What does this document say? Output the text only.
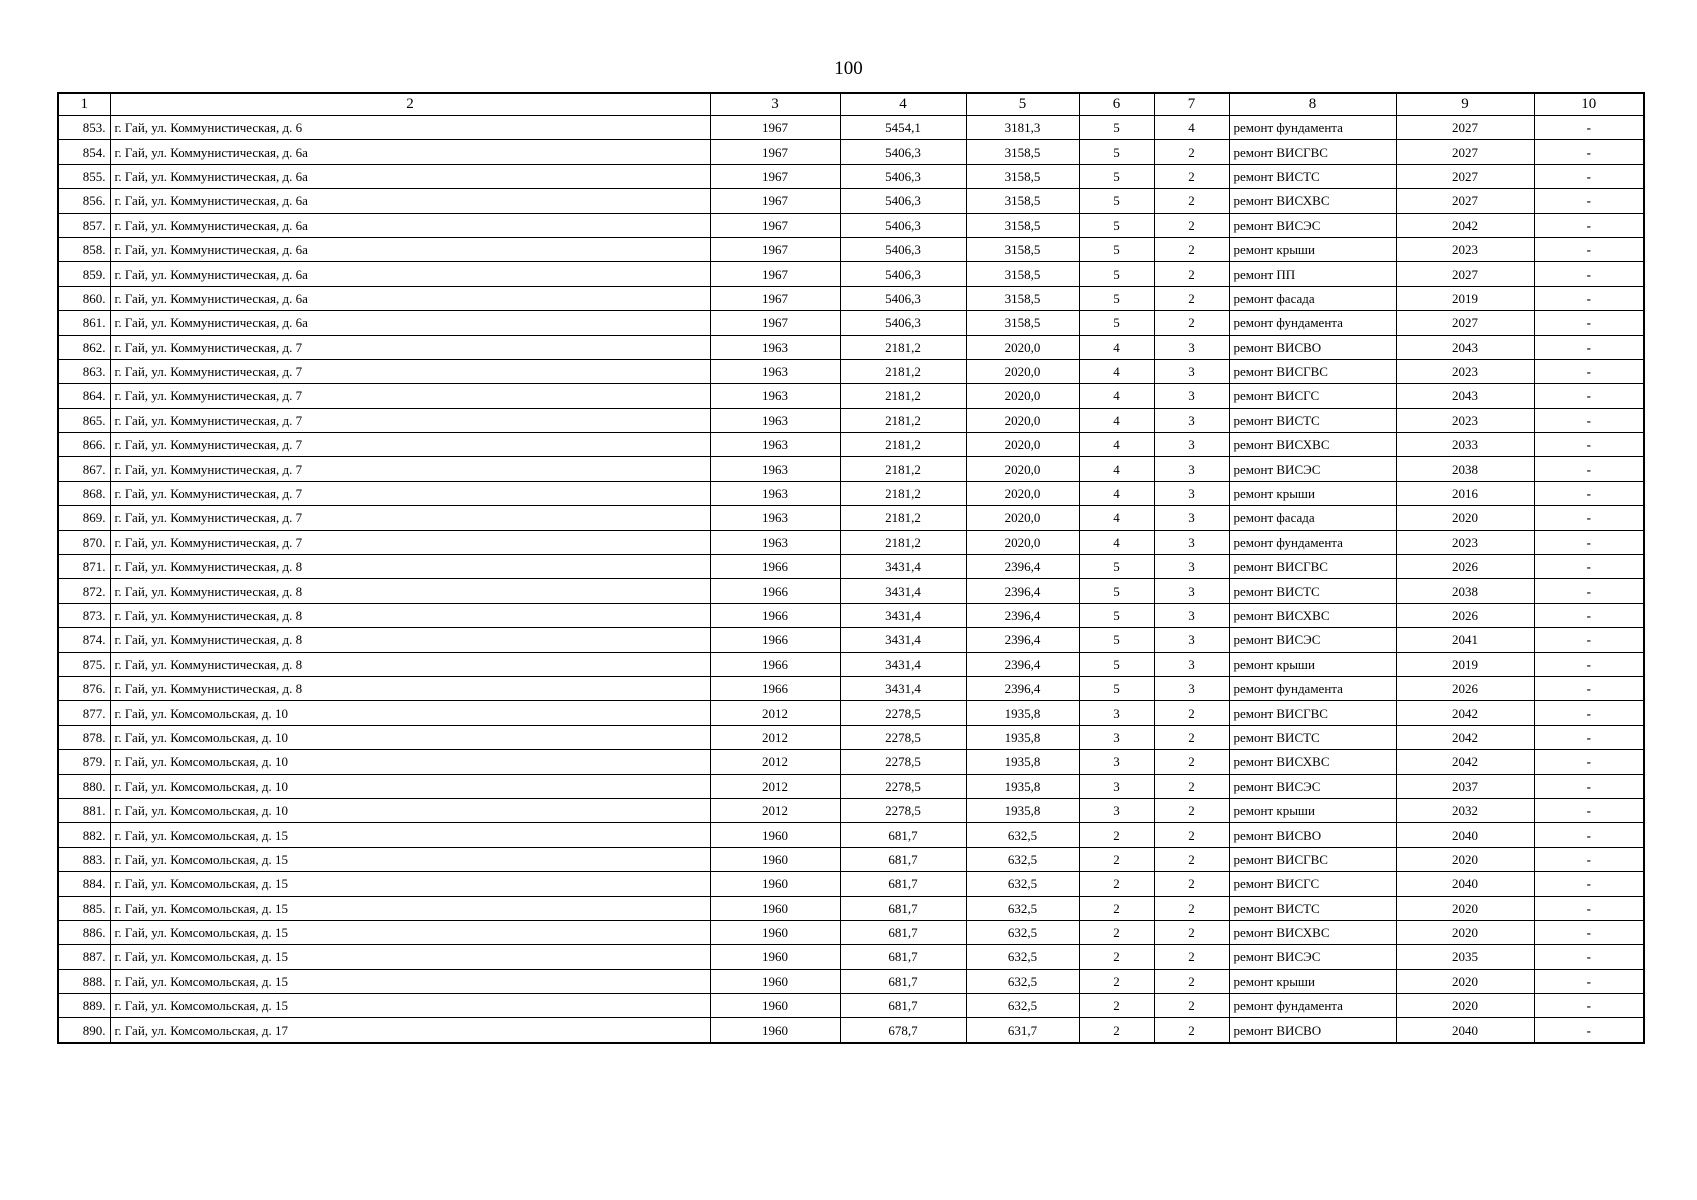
100
1	2	3	4	5	6	7	8	9	10
853.	г. Гай, ул. Коммунистическая, д. 6	1967	5454,1	3181,3	5	4	ремонт фундамента	2027	-
854.	г. Гай, ул. Коммунистическая, д. 6а	1967	5406,3	3158,5	5	2	ремонт ВИСГВС	2027	-
855.	г. Гай, ул. Коммунистическая, д. 6а	1967	5406,3	3158,5	5	2	ремонт ВИСТС	2027	-
856.	г. Гай, ул. Коммунистическая, д. 6а	1967	5406,3	3158,5	5	2	ремонт ВИСХВС	2027	-
857.	г. Гай, ул. Коммунистическая, д. 6а	1967	5406,3	3158,5	5	2	ремонт ВИСЭС	2042	-
858.	г. Гай, ул. Коммунистическая, д. 6а	1967	5406,3	3158,5	5	2	ремонт крыши	2023	-
859.	г. Гай, ул. Коммунистическая, д. 6а	1967	5406,3	3158,5	5	2	ремонт ПП	2027	-
860.	г. Гай, ул. Коммунистическая, д. 6а	1967	5406,3	3158,5	5	2	ремонт фасада	2019	-
861.	г. Гай, ул. Коммунистическая, д. 6а	1967	5406,3	3158,5	5	2	ремонт фундамента	2027	-
862.	г. Гай, ул. Коммунистическая, д. 7	1963	2181,2	2020,0	4	3	ремонт ВИСВО	2043	-
863.	г. Гай, ул. Коммунистическая, д. 7	1963	2181,2	2020,0	4	3	ремонт ВИСГВС	2023	-
864.	г. Гай, ул. Коммунистическая, д. 7	1963	2181,2	2020,0	4	3	ремонт ВИСГС	2043	-
865.	г. Гай, ул. Коммунистическая, д. 7	1963	2181,2	2020,0	4	3	ремонт ВИСТС	2023	-
866.	г. Гай, ул. Коммунистическая, д. 7	1963	2181,2	2020,0	4	3	ремонт ВИСХВС	2033	-
867.	г. Гай, ул. Коммунистическая, д. 7	1963	2181,2	2020,0	4	3	ремонт ВИСЭС	2038	-
868.	г. Гай, ул. Коммунистическая, д. 7	1963	2181,2	2020,0	4	3	ремонт крыши	2016	-
869.	г. Гай, ул. Коммунистическая, д. 7	1963	2181,2	2020,0	4	3	ремонт фасада	2020	-
870.	г. Гай, ул. Коммунистическая, д. 7	1963	2181,2	2020,0	4	3	ремонт фундамента	2023	-
871.	г. Гай, ул. Коммунистическая, д. 8	1966	3431,4	2396,4	5	3	ремонт ВИСГВС	2026	-
872.	г. Гай, ул. Коммунистическая, д. 8	1966	3431,4	2396,4	5	3	ремонт ВИСТС	2038	-
873.	г. Гай, ул. Коммунистическая, д. 8	1966	3431,4	2396,4	5	3	ремонт ВИСХВС	2026	-
874.	г. Гай, ул. Коммунистическая, д. 8	1966	3431,4	2396,4	5	3	ремонт ВИСЭС	2041	-
875.	г. Гай, ул. Коммунистическая, д. 8	1966	3431,4	2396,4	5	3	ремонт крыши	2019	-
876.	г. Гай, ул. Коммунистическая, д. 8	1966	3431,4	2396,4	5	3	ремонт фундамента	2026	-
877.	г. Гай, ул. Комсомольская, д. 10	2012	2278,5	1935,8	3	2	ремонт ВИСГВС	2042	-
878.	г. Гай, ул. Комсомольская, д. 10	2012	2278,5	1935,8	3	2	ремонт ВИСТС	2042	-
879.	г. Гай, ул. Комсомольская, д. 10	2012	2278,5	1935,8	3	2	ремонт ВИСХВС	2042	-
880.	г. Гай, ул. Комсомольская, д. 10	2012	2278,5	1935,8	3	2	ремонт ВИСЭС	2037	-
881.	г. Гай, ул. Комсомольская, д. 10	2012	2278,5	1935,8	3	2	ремонт крыши	2032	-
882.	г. Гай, ул. Комсомольская, д. 15	1960	681,7	632,5	2	2	ремонт ВИСВО	2040	-
883.	г. Гай, ул. Комсомольская, д. 15	1960	681,7	632,5	2	2	ремонт ВИСГВС	2020	-
884.	г. Гай, ул. Комсомольская, д. 15	1960	681,7	632,5	2	2	ремонт ВИСГС	2040	-
885.	г. Гай, ул. Комсомольская, д. 15	1960	681,7	632,5	2	2	ремонт ВИСТС	2020	-
886.	г. Гай, ул. Комсомольская, д. 15	1960	681,7	632,5	2	2	ремонт ВИСХВС	2020	-
887.	г. Гай, ул. Комсомольская, д. 15	1960	681,7	632,5	2	2	ремонт ВИСЭС	2035	-
888.	г. Гай, ул. Комсомольская, д. 15	1960	681,7	632,5	2	2	ремонт крыши	2020	-
889.	г. Гай, ул. Комсомольская, д. 15	1960	681,7	632,5	2	2	ремонт фундамента	2020	-
890.	г. Гай, ул. Комсомольская, д. 17	1960	678,7	631,7	2	2	ремонт ВИСВО	2040	-
